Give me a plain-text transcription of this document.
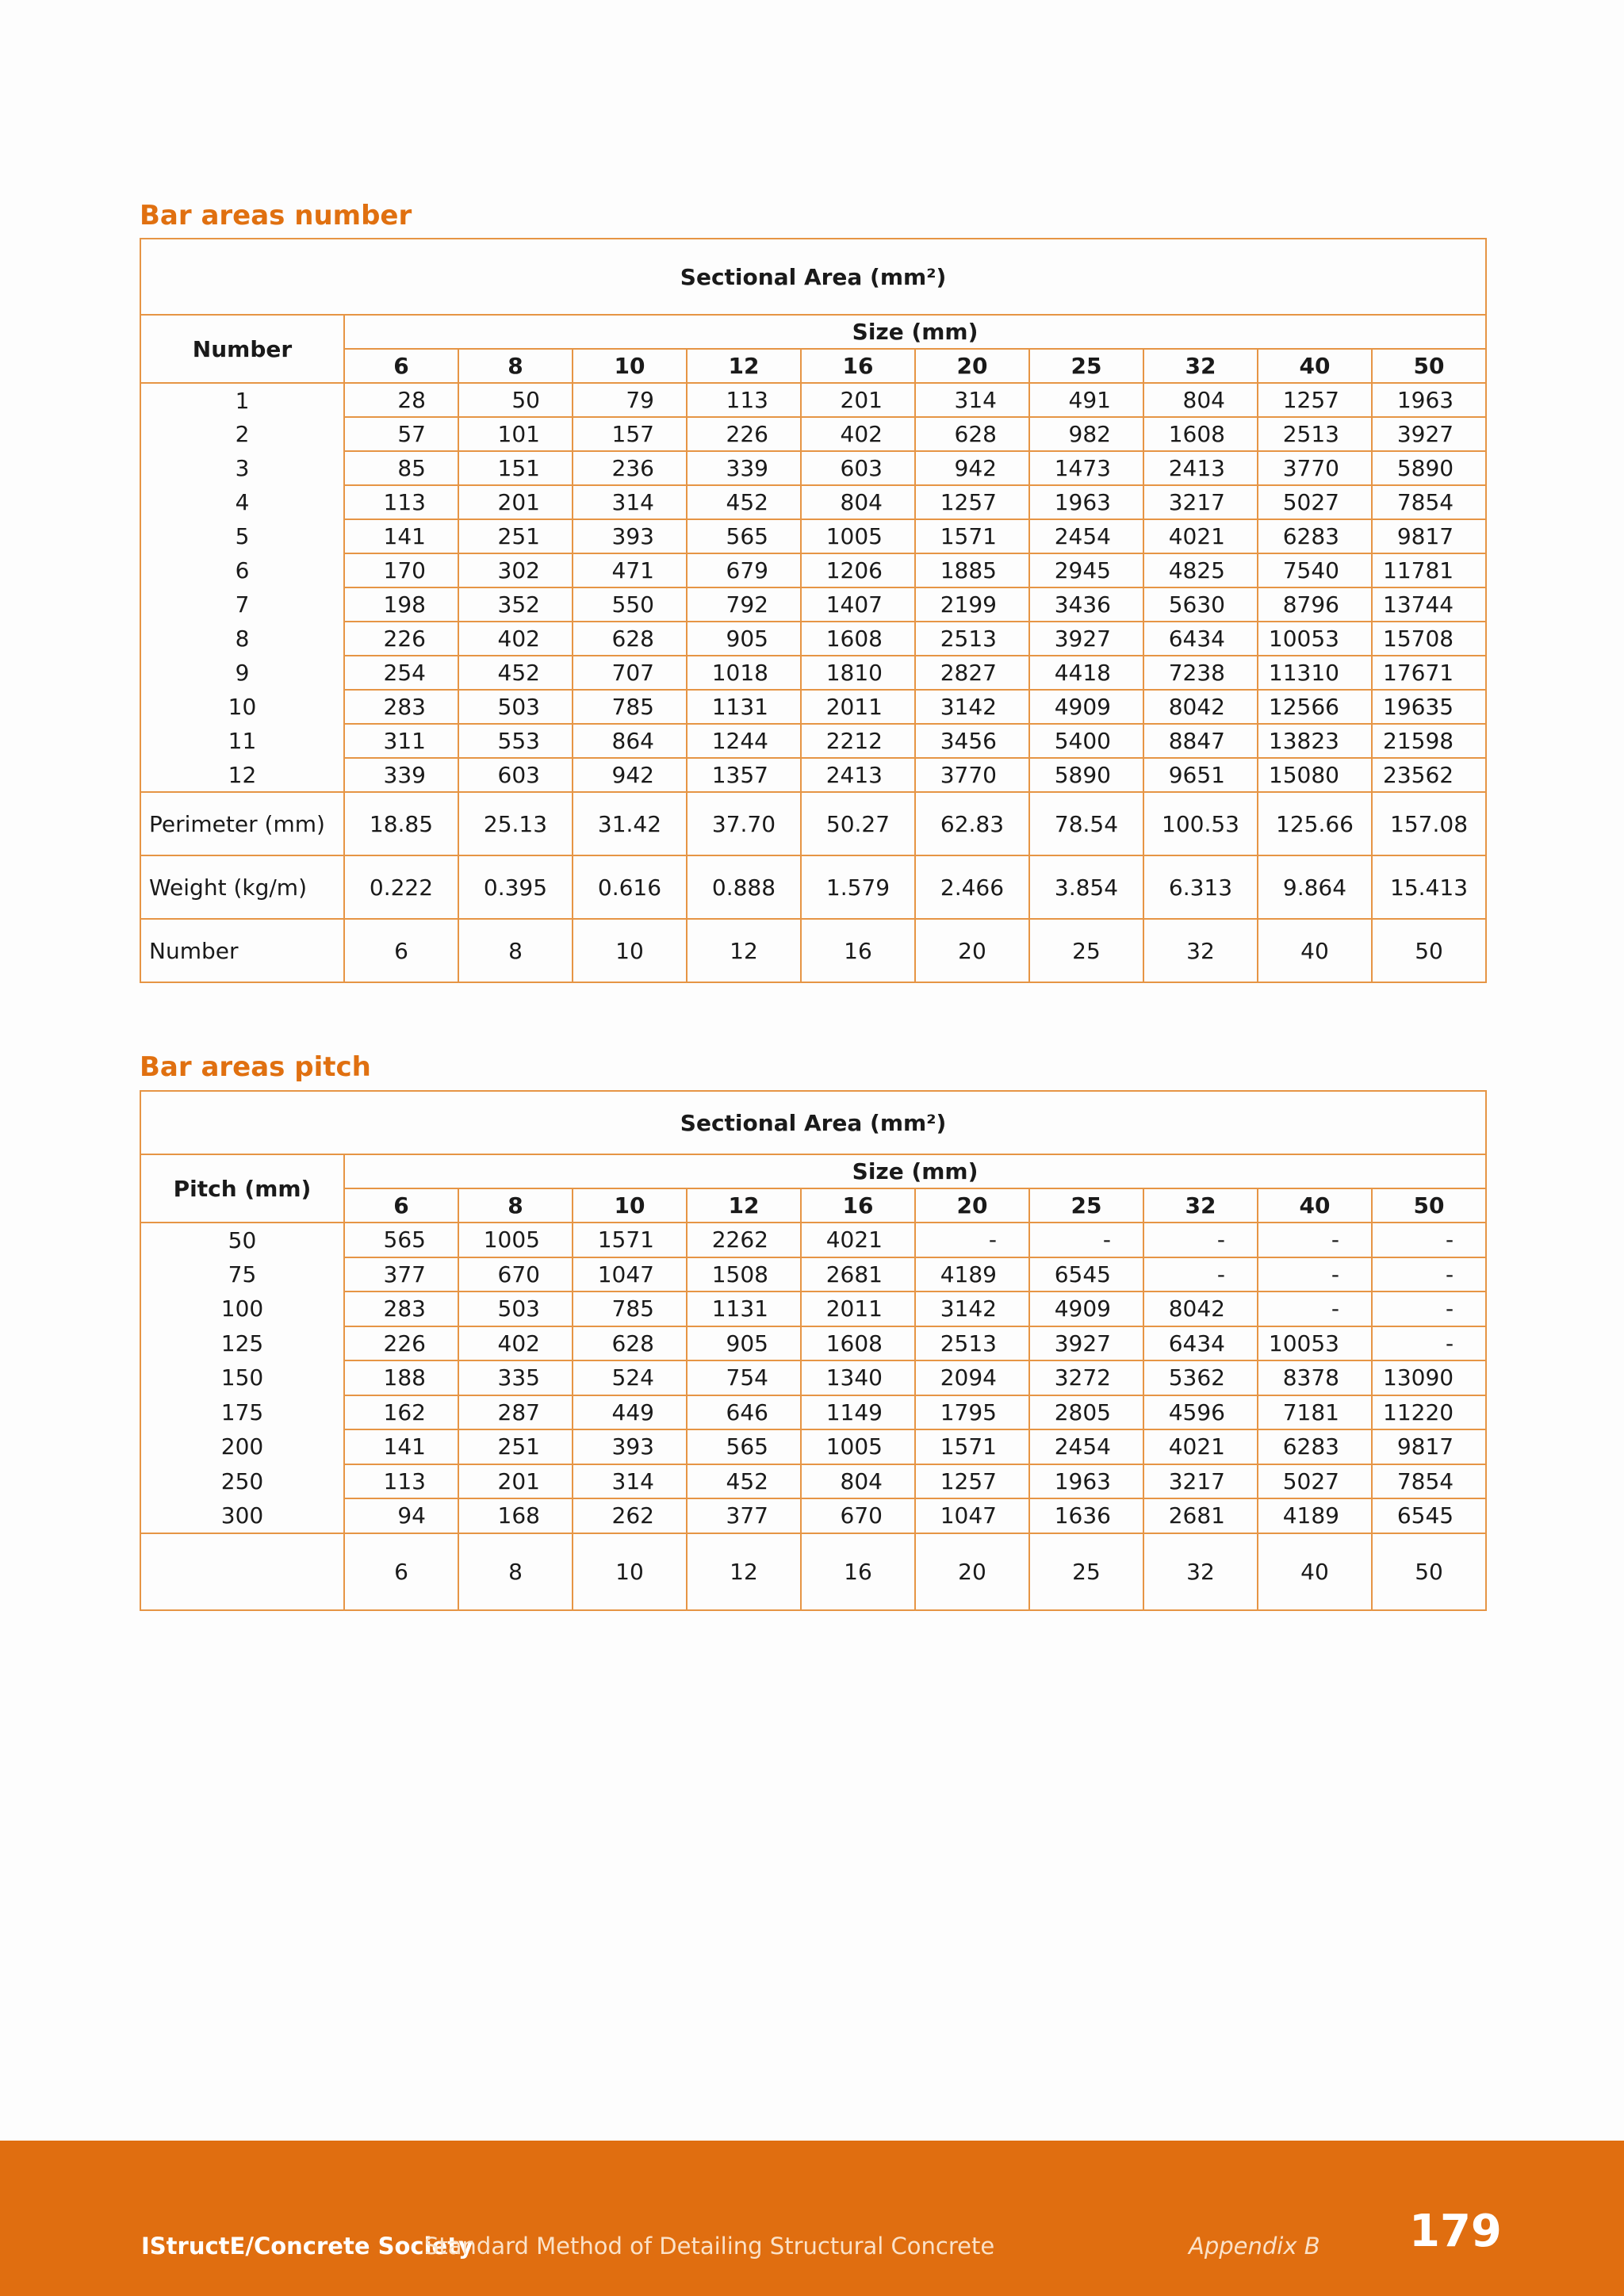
Bar areas number
Sectional Area (mm²)										
Number	Size (mm)									
	6	8	10	12	16	20	25	32	40	50
1	28	50	79	113	201	314	491	804	1257	1963
2	57	101	157	226	402	628	982	1608	2513	3927
3	85	151	236	339	603	942	1473	2413	3770	5890
4	113	201	314	452	804	1257	1963	3217	5027	7854
5	141	251	393	565	1005	1571	2454	4021	6283	9817
6	170	302	471	679	1206	1885	2945	4825	7540	11781
7	198	352	550	792	1407	2199	3436	5630	8796	13744
8	226	402	628	905	1608	2513	3927	6434	10053	15708
9	254	452	707	1018	1810	2827	4418	7238	11310	17671
10	283	503	785	1131	2011	3142	4909	8042	12566	19635
11	311	553	864	1244	2212	3456	5400	8847	13823	21598
12	339	603	942	1357	2413	3770	5890	9651	15080	23562
Perimeter (mm)	18.85	25.13	31.42	37.70	50.27	62.83	78.54	100.53	125.66	157.08
Weight (kg/m)	0.222	0.395	0.616	0.888	1.579	2.466	3.854	6.313	9.864	15.413
Number	6	8	10	12	16	20	25	32	40	50
Bar areas pitch
Sectional Area (mm²)										
Pitch (mm)	Size (mm)									
	6	8	10	12	16	20	25	32	40	50
50	565	1005	1571	2262	4021	-	-	-	-	-
75	377	670	1047	1508	2681	4189	6545	-	-	-
100	283	503	785	1131	2011	3142	4909	8042	-	-
125	226	402	628	905	1608	2513	3927	6434	10053	-
150	188	335	524	754	1340	2094	3272	5362	8378	13090
175	162	287	449	646	1149	1795	2805	4596	7181	11220
200	141	251	393	565	1005	1571	2454	4021	6283	9817
250	113	201	314	452	804	1257	1963	3217	5027	7854
300	94	168	262	377	670	1047	1636	2681	4189	6545
	6	8	10	12	16	20	25	32	40	50
IStructE/Concrete Society
Standard Method of Detailing Structural Concrete	Appendix B 179
